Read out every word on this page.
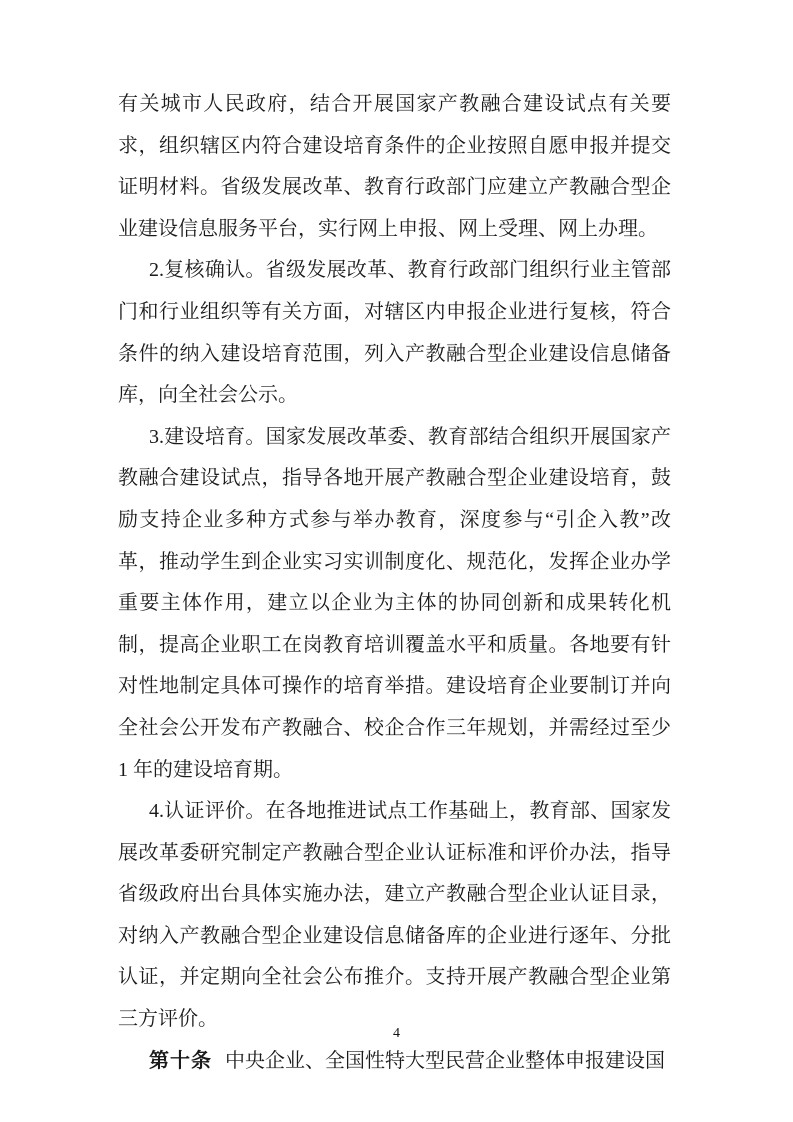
有关城市人民政府，结合开展国家产教融合建设试点有关要求，组织辖区内符合建设培育条件的企业按照自愿申报并提交证明材料。省级发展改革、教育行政部门应建立产教融合型企业建设信息服务平台，实行网上申报、网上受理、网上办理。

2.复核确认。省级发展改革、教育行政部门组织行业主管部门和行业组织等有关方面，对辖区内申报企业进行复核，符合条件的纳入建设培育范围，列入产教融合型企业建设信息储备库，向全社会公示。

3.建设培育。国家发展改革委、教育部结合组织开展国家产教融合建设试点，指导各地开展产教融合型企业建设培育，鼓励支持企业多种方式参与举办教育，深度参与“引企入教”改革，推动学生到企业实习实训制度化、规范化，发挥企业办学重要主体作用，建立以企业为主体的协同创新和成果转化机制，提高企业职工在岗教育培训覆盖水平和质量。各地要有针对性地制定具体可操作的培育举措。建设培育企业要制订并向全社会公开发布产教融合、校企合作三年规划，并需经过至少 1 年的建设培育期。

4.认证评价。在各地推进试点工作基础上，教育部、国家发展改革委研究制定产教融合型企业认证标准和评价办法，指导省级政府出台具体实施办法，建立产教融合型企业认证目录，对纳入产教融合型企业建设信息储备库的企业进行逐年、分批认证，并定期向全社会公布推介。支持开展产教融合型企业第三方评价。

第十条 中央企业、全国性特大型民营企业整体申报建设国

4
